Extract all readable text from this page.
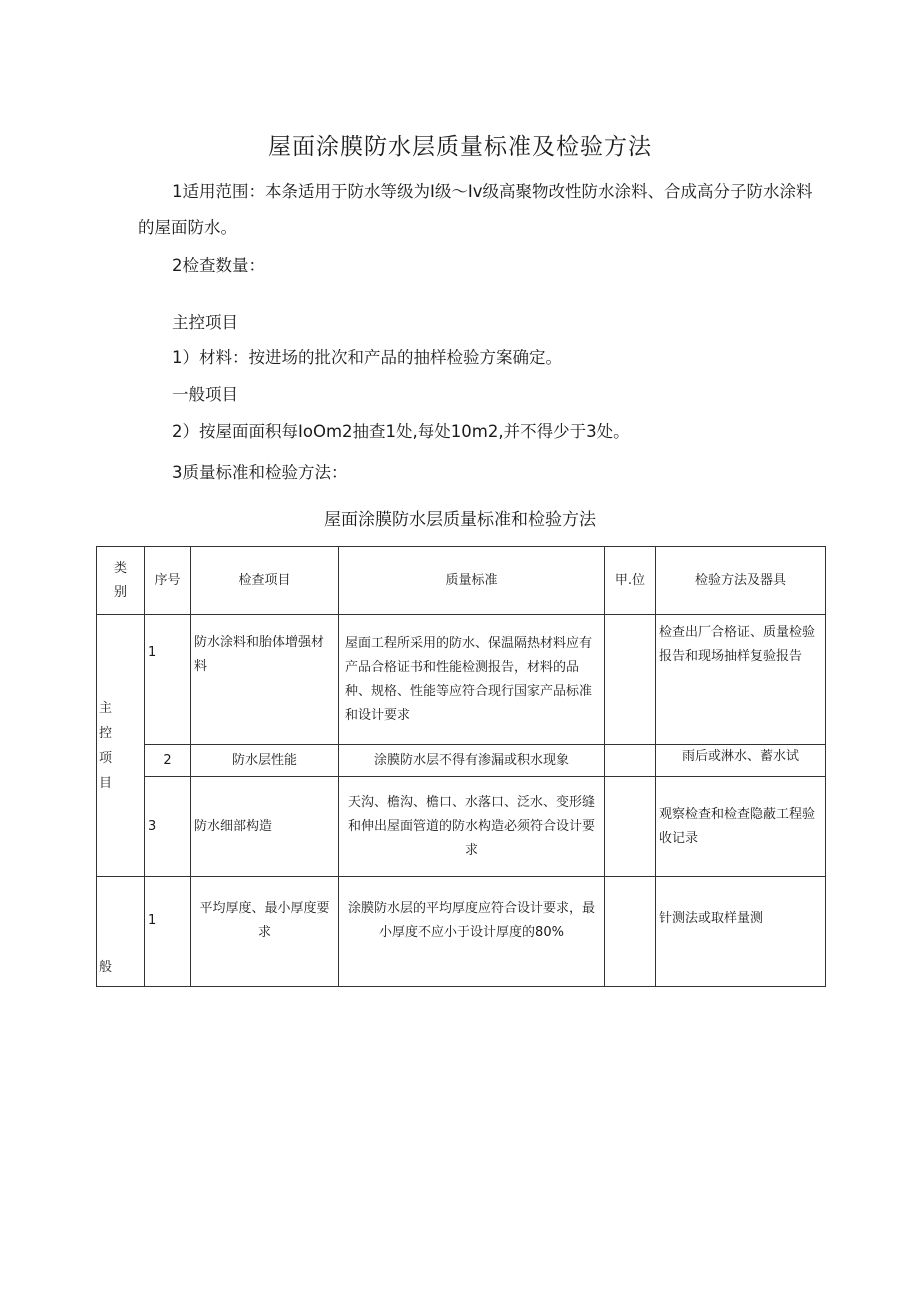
屋面涂膜防水层质量标准及检验方法
1适用范围：本条适用于防水等级为I级～Iv级高聚物改性防水涂料、合成高分子防水涂料的屋面防水。
2检查数量：
主控项目
1）材料：按进场的批次和产品的抽样检验方案确定。
一般项目
2）按屋面面积每IoOm2抽查1处,每处10m2,并不得少于3处。
3质量标准和检验方法：
屋面涂膜防水层质量标准和检验方法
类
别	序号	检查项目	质量标准	甲.位	检验方法及器具

主
控
项
目	1	防水涂料和胎体增强材料	屋面工程所采用的防水、保温隔热材料应有产品合格证书和性能检测报告，材料的品种、规格、性能等应符合现行国家产品标准和设计要求		检查出厂合格证、质量检验报告和现场抽样复验报告
	2	防水层性能	涂膜防水层不得有渗漏或积水现象		雨后或淋水、蓄水试
	3	防水细部构造	天沟、檐沟、檐口、水落口、泛水、变形缝和伸出屋面管道的防水构造必须符合设计要求		观察检查和检查隐蔽工程验收记录

般	1	平均厚度、最小厚度要求	涂膜防水层的平均厚度应符合设计要求，最小厚度不应小于设计厚度的80%		针测法或取样量测
